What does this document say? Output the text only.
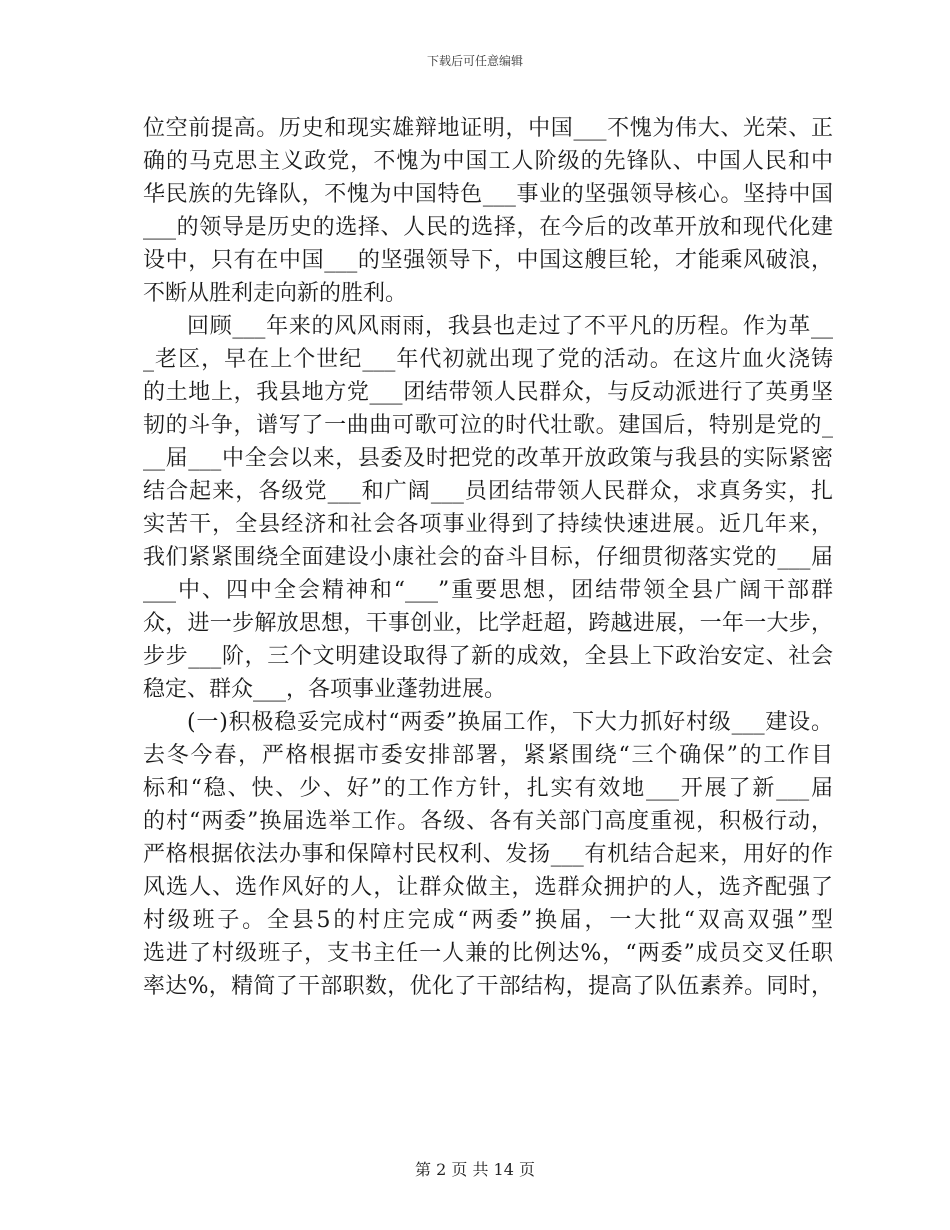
下载后可任意编辑
位空前提高。历史和现实雄辩地证明，中国___不愧为伟大、光荣、正
确的马克思主义政党，不愧为中国工人阶级的先锋队、中国人民和中
华民族的先锋队，不愧为中国特色___事业的坚强领导核心。坚持中国
___的领导是历史的选择、人民的选择，在今后的改革开放和现代化建
设中，只有在中国___的坚强领导下，中国这艘巨轮，才能乘风破浪，
不断从胜利走向新的胜利。
回顾___年来的风风雨雨，我县也走过了不平凡的历程。作为革__
_老区，早在上个世纪___年代初就出现了党的活动。在这片血火浇铸
的土地上，我县地方党___团结带领人民群众，与反动派进行了英勇坚
韧的斗争，谱写了一曲曲可歌可泣的时代壮歌。建国后，特别是党的_
__届___中全会以来，县委及时把党的改革开放政策与我县的实际紧密
结合起来，各级党___和广阔___员团结带领人民群众，求真务实，扎
实苦干，全县经济和社会各项事业得到了持续快速进展。近几年来，
我们紧紧围绕全面建设小康社会的奋斗目标，仔细贯彻落实党的___届
___中、四中全会精神和“___”重要思想，团结带领全县广阔干部群
众，进一步解放思想，干事创业，比学赶超，跨越进展，一年一大步，
步步___阶，三个文明建设取得了新的成效，全县上下政治安定、社会
稳定、群众___，各项事业蓬勃进展。
(一)积极稳妥完成村“两委”换届工作，下大力抓好村级___建设。
去冬今春，严格根据市委安排部署，紧紧围绕“三个确保”的工作目
标和“稳、快、少、好”的工作方针，扎实有效地___开展了新___届
的村“两委”换届选举工作。各级、各有关部门高度重视，积极行动，
严格根据依法办事和保障村民权利、发扬___有机结合起来，用好的作
风选人、选作风好的人，让群众做主，选群众拥护的人，选齐配强了
村级班子。全县5的村庄完成“两委”换届，一大批“双高双强”型
选进了村级班子，支书主任一人兼的比例达%，“两委”成员交叉任职
率达%，精简了干部职数，优化了干部结构，提高了队伍素养。同时，
第 2 页 共 14 页
